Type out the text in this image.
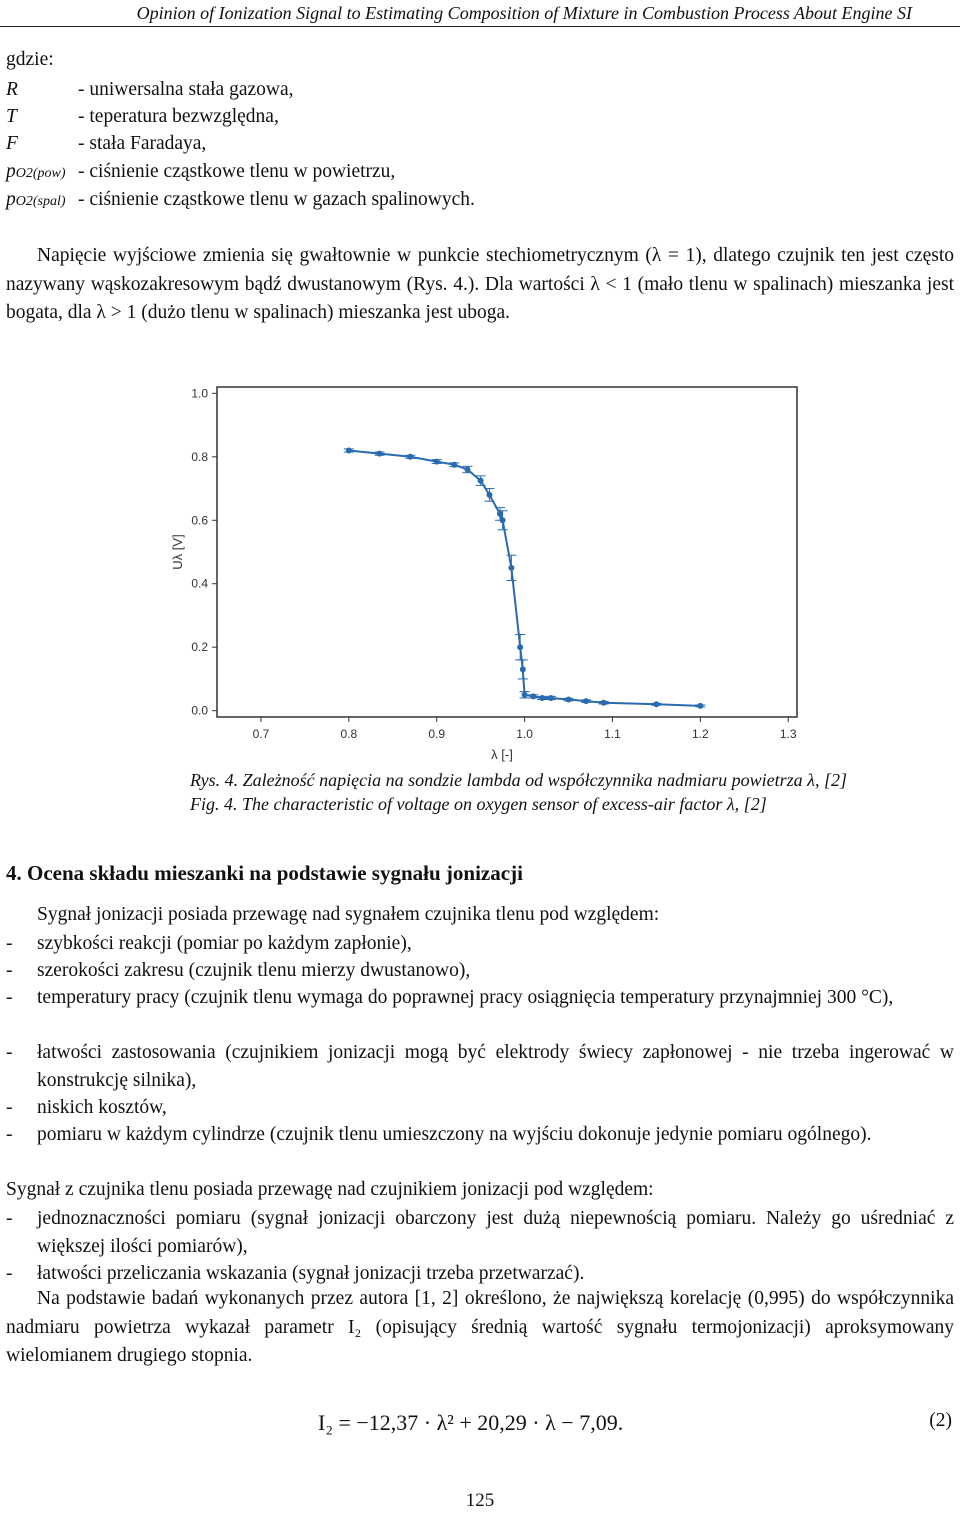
Opinion of Ionization Signal to Estimating Composition of Mixture in Combustion Process About Engine SI
gdzie:
R	- uniwersalna stała gazowa,
T	- teperatura bezwzględna,
F	- stała Faradaya,
pO2(pow) - ciśnienie cząstkowe tlenu w powietrzu,
pO2(spal) - ciśnienie cząstkowe tlenu w gazach spalinowych.
Napięcie wyjściowe zmienia się gwałtownie w punkcie stechiometrycznym (λ = 1), dlatego czujnik ten jest często nazywany wąskozakresowym bądź dwustanowym (Rys. 4.). Dla wartości λ < 1 (mało tlenu w spalinach) mieszanka jest bogata, dla λ > 1 (dużo tlenu w spalinach) mieszanka jest uboga.
0.7	0.8	0.9	1.0	1.1	1.2	1.3
0.0
0.2
0.4
0.6
0.8
1.0
λ [-]
Uλ [V]
Rys. 4. Zależność napięcia na sondzie lambda od współczynnika nadmiaru powietrza λ, [2]
Fig. 4. The characteristic of voltage on oxygen sensor of excess-air factor λ, [2]
4. Ocena składu mieszanki na podstawie sygnału jonizacji
Sygnał jonizacji posiada przewagę nad sygnałem czujnika tlenu pod względem:
- szybkości reakcji (pomiar po każdym zapłonie),
- szerokości zakresu (czujnik tlenu mierzy dwustanowo),
- temperatury pracy (czujnik tlenu wymaga do poprawnej pracy osiągnięcia temperatury przynajmniej 300 °C),
- łatwości zastosowania (czujnikiem jonizacji mogą być elektrody świecy zapłonowej - nie trzeba ingerować w konstrukcję silnika),
- niskich kosztów,
- pomiaru w każdym cylindrze (czujnik tlenu umieszczony na wyjściu dokonuje jedynie pomiaru ogólnego).
Sygnał z czujnika tlenu posiada przewagę nad czujnikiem jonizacji pod względem:
- jednoznaczności pomiaru (sygnał jonizacji obarczony jest dużą niepewnością pomiaru. Należy go uśredniać z większej ilości pomiarów),
- łatwości przeliczania wskazania (sygnał jonizacji trzeba przetwarzać).
Na podstawie badań wykonanych przez autora [1, 2] określono, że największą korelację (0,995) do współczynnika nadmiaru powietrza wykazał parametr I₂ (opisujący średnią wartość sygnału termojonizacji) aproksymowany wielomianem drugiego stopnia.
I₂ = −12,37 · λ² + 20,29 · λ − 7,09.	(2)
125
